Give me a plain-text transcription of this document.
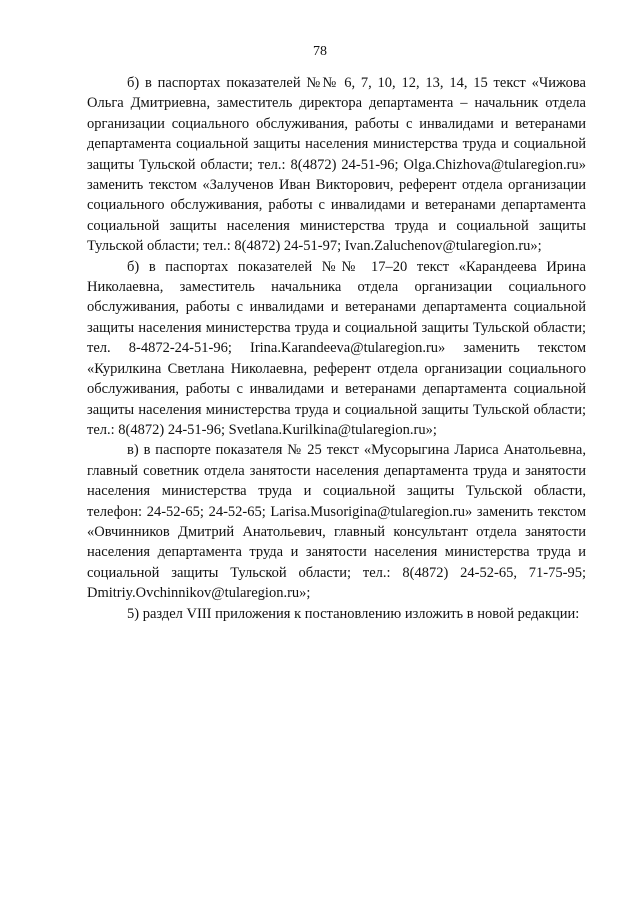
78

б) в паспортах показателей №№ 6, 7, 10, 12, 13, 14, 15 текст «Чижова Ольга Дмитриевна, заместитель директора департамента – начальник отдела организации социального обслуживания, работы с инвалидами и ветеранами департамента социальной защиты населения министерства труда и социальной защиты Тульской области; тел.: 8(4872) 24-51-96; Olga.Chizhova@tularegion.ru» заменить текстом «Залученов Иван Викторович, референт отдела организации социального обслуживания, работы с инвалидами и ветеранами департамента социальной защиты населения министерства труда и социальной защиты Тульской области; тел.: 8(4872) 24-51-97; Ivan.Zaluchenov@tularegion.ru»;

б) в паспортах показателей №№ 17–20 текст «Карандеева Ирина Николаевна, заместитель начальника отдела организации социального обслуживания, работы с инвалидами и ветеранами департамента социальной защиты населения министерства труда и социальной защиты Тульской области; тел. 8-4872-24-51-96; Irina.Karandeeva@tularegion.ru» заменить текстом «Курилкина Светлана Николаевна, референт отдела организации социального обслуживания, работы с инвалидами и ветеранами департамента социальной защиты населения министерства труда и социальной защиты Тульской области; тел.: 8(4872) 24-51-96; Svetlana.Kurilkina@tularegion.ru»;

в) в паспорте показателя № 25 текст «Мусорыгина Лариса Анатольевна, главный советник отдела занятости населения департамента труда и занятости населения министерства труда и социальной защиты Тульской области, телефон: 24-52-65; 24-52-65; Larisa.Musorigina@tularegion.ru» заменить текстом «Овчинников Дмитрий Анатольевич, главный консультант отдела занятости населения департамента труда и занятости населения министерства труда и социальной защиты Тульской области; тел.: 8(4872) 24-52-65, 71-75-95; Dmitriy.Ovchinnikov@tularegion.ru»;

5) раздел VIII приложения к постановлению изложить в новой редакции:
